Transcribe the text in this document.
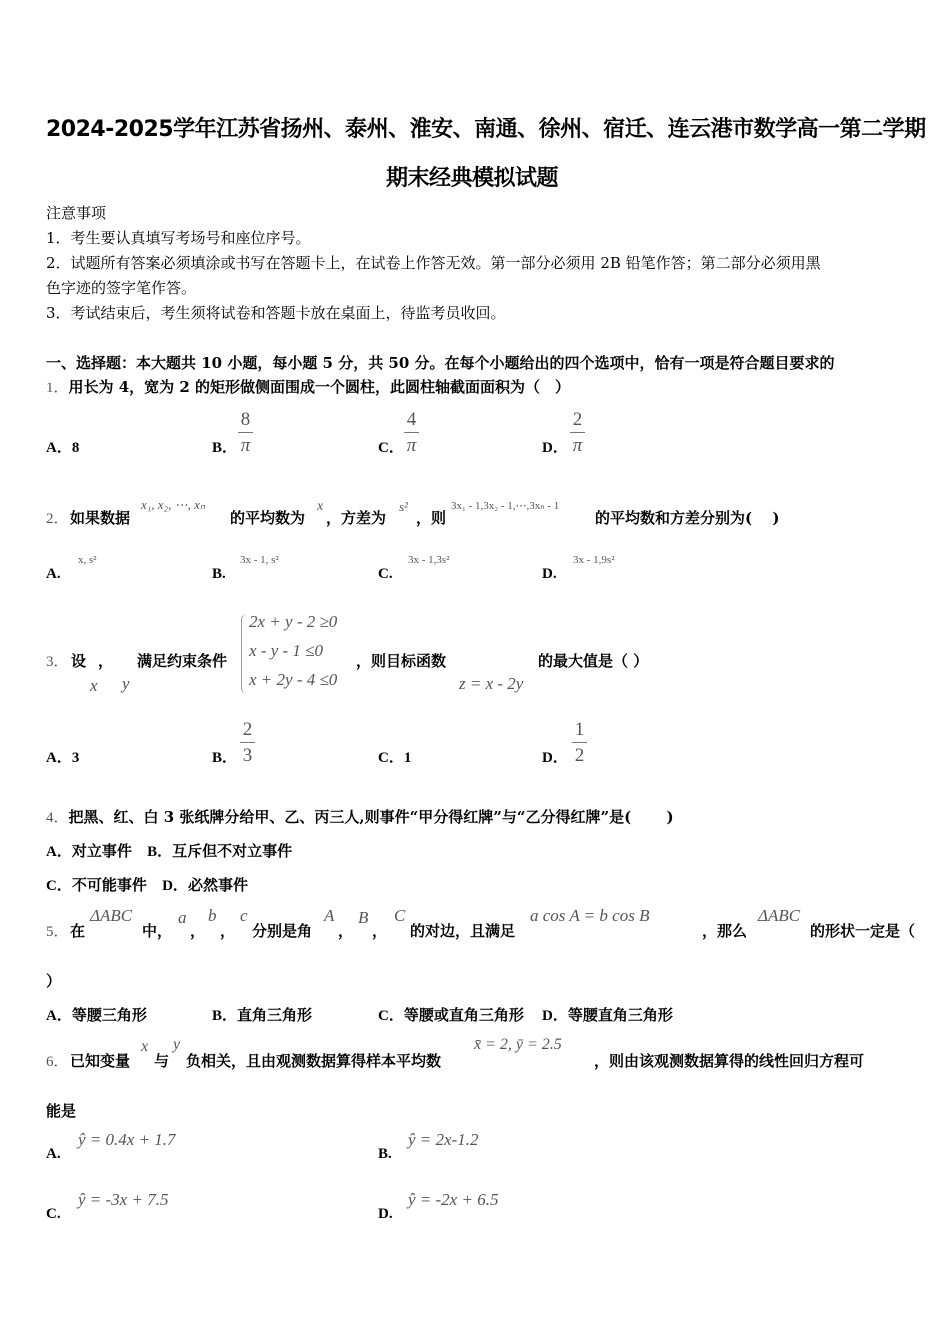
2024-2025学年江苏省扬州、泰州、淮安、南通、徐州、宿迁、连云港市数学高一第二学期
期末经典模拟试题
注意事项
1．考生要认真填写考场号和座位序号。
2．试题所有答案必须填涂或书写在答题卡上，在试卷上作答无效。第一部分必须用 2B 铅笔作答；第二部分必须用黑
色字迹的签字笔作答。
3．考试结束后，考生须将试卷和答题卡放在桌面上，待监考员收回。
一、选择题：本大题共 10 小题，每小题 5 分，共 50 分。在每个小题给出的四个选项中，恰有一项是符合题目要求的
1．用长为 4，宽为 2 的矩形做侧面围成一个圆柱，此圆柱轴截面面积为（　）
A．8	B．
8
π	C．
4
π	D．
2
π
2． 如果数据
x₁, x₂, ⋯, xₙ
的平均数为
x
，方差为
s²
，则
3x₁ - 1,3x₂ - 1,⋯,3xₙ - 1
的平均数和方差分别为(　 )
A.
x, s²
B.
3x - 1, s²
C.
3x - 1,3s²
D.
3x - 1,9s²
3． 设
x
，
y
满足约束条件
2x + y - 2 ≥0
x - y - 1 ≤0
x + 2y - 4 ≤0
，则目标函数
z = x - 2y
的最大值是（ ）
A．3	B．
2
3	C．1	D．
1
2
4．把黑、红、白 3 张纸牌分给甲、乙、丙三人,则事件“甲分得红牌”与“乙分得红牌”是(　　 )
A．对立事件 B．互斥但不对立事件
C．不可能事件 D．必然事件
5． 在
ΔABC
中，
a
，
b
，
c
分别是角
A
，
B
，
C
的对边，且满足
a cos A = b cos B
，那么
ΔABC
的形状一定是（
）
A．等腰三角形	B．直角三角形	C．等腰或直角三角形 D．等腰直角三角形
6． 已知变量
x
与
y
负相关，且由观测数据算得样本平均数
x̄ = 2, ȳ = 2.5
，则由该观测数据算得的线性回归方程可
能是
A.
ŷ = 0.4x + 1.7
B.
ŷ = 2x-1.2
C.
ŷ = -3x + 7.5
D.
ŷ = -2x + 6.5
